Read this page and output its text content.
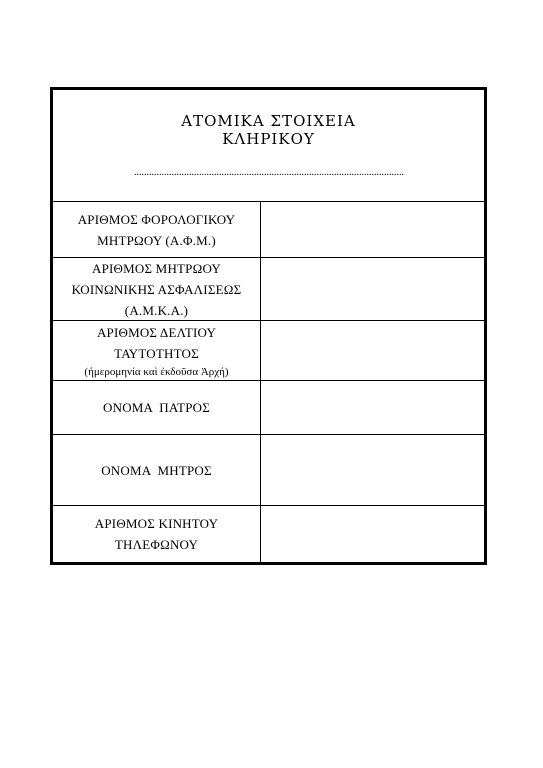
ΑΤΟΜΙΚΑ ΣΤΟΙΧΕΙΑ
ΚΛΗΡΙΚΟΥ
............................................................................................................
ΑΡΙΘΜΟΣ ΦΟΡΟΛΟΓΙΚΟΥ
ΜΗΤΡΩΟΥ (Α.Φ.Μ.)
ΑΡΙΘΜΟΣ ΜΗΤΡΩΟΥ
ΚΟΙΝΩΝΙΚΗΣ ΑΣΦΑΛΙΣΕΩΣ
(Α.Μ.Κ.Α.)
ΑΡΙΘΜΟΣ ΔΕΛΤΙΟΥ
ΤΑΥΤΟΤΗΤΟΣ
(ήμερομηνία καὶ ἐκδοῦσα Ἀρχή)
ΟΝΟΜΑ  ΠΑΤΡΟΣ
ΟΝΟΜΑ  ΜΗΤΡΟΣ
ΑΡΙΘΜΟΣ ΚΙΝΗΤΟΥ
ΤΗΛΕΦΩΝΟΥ
